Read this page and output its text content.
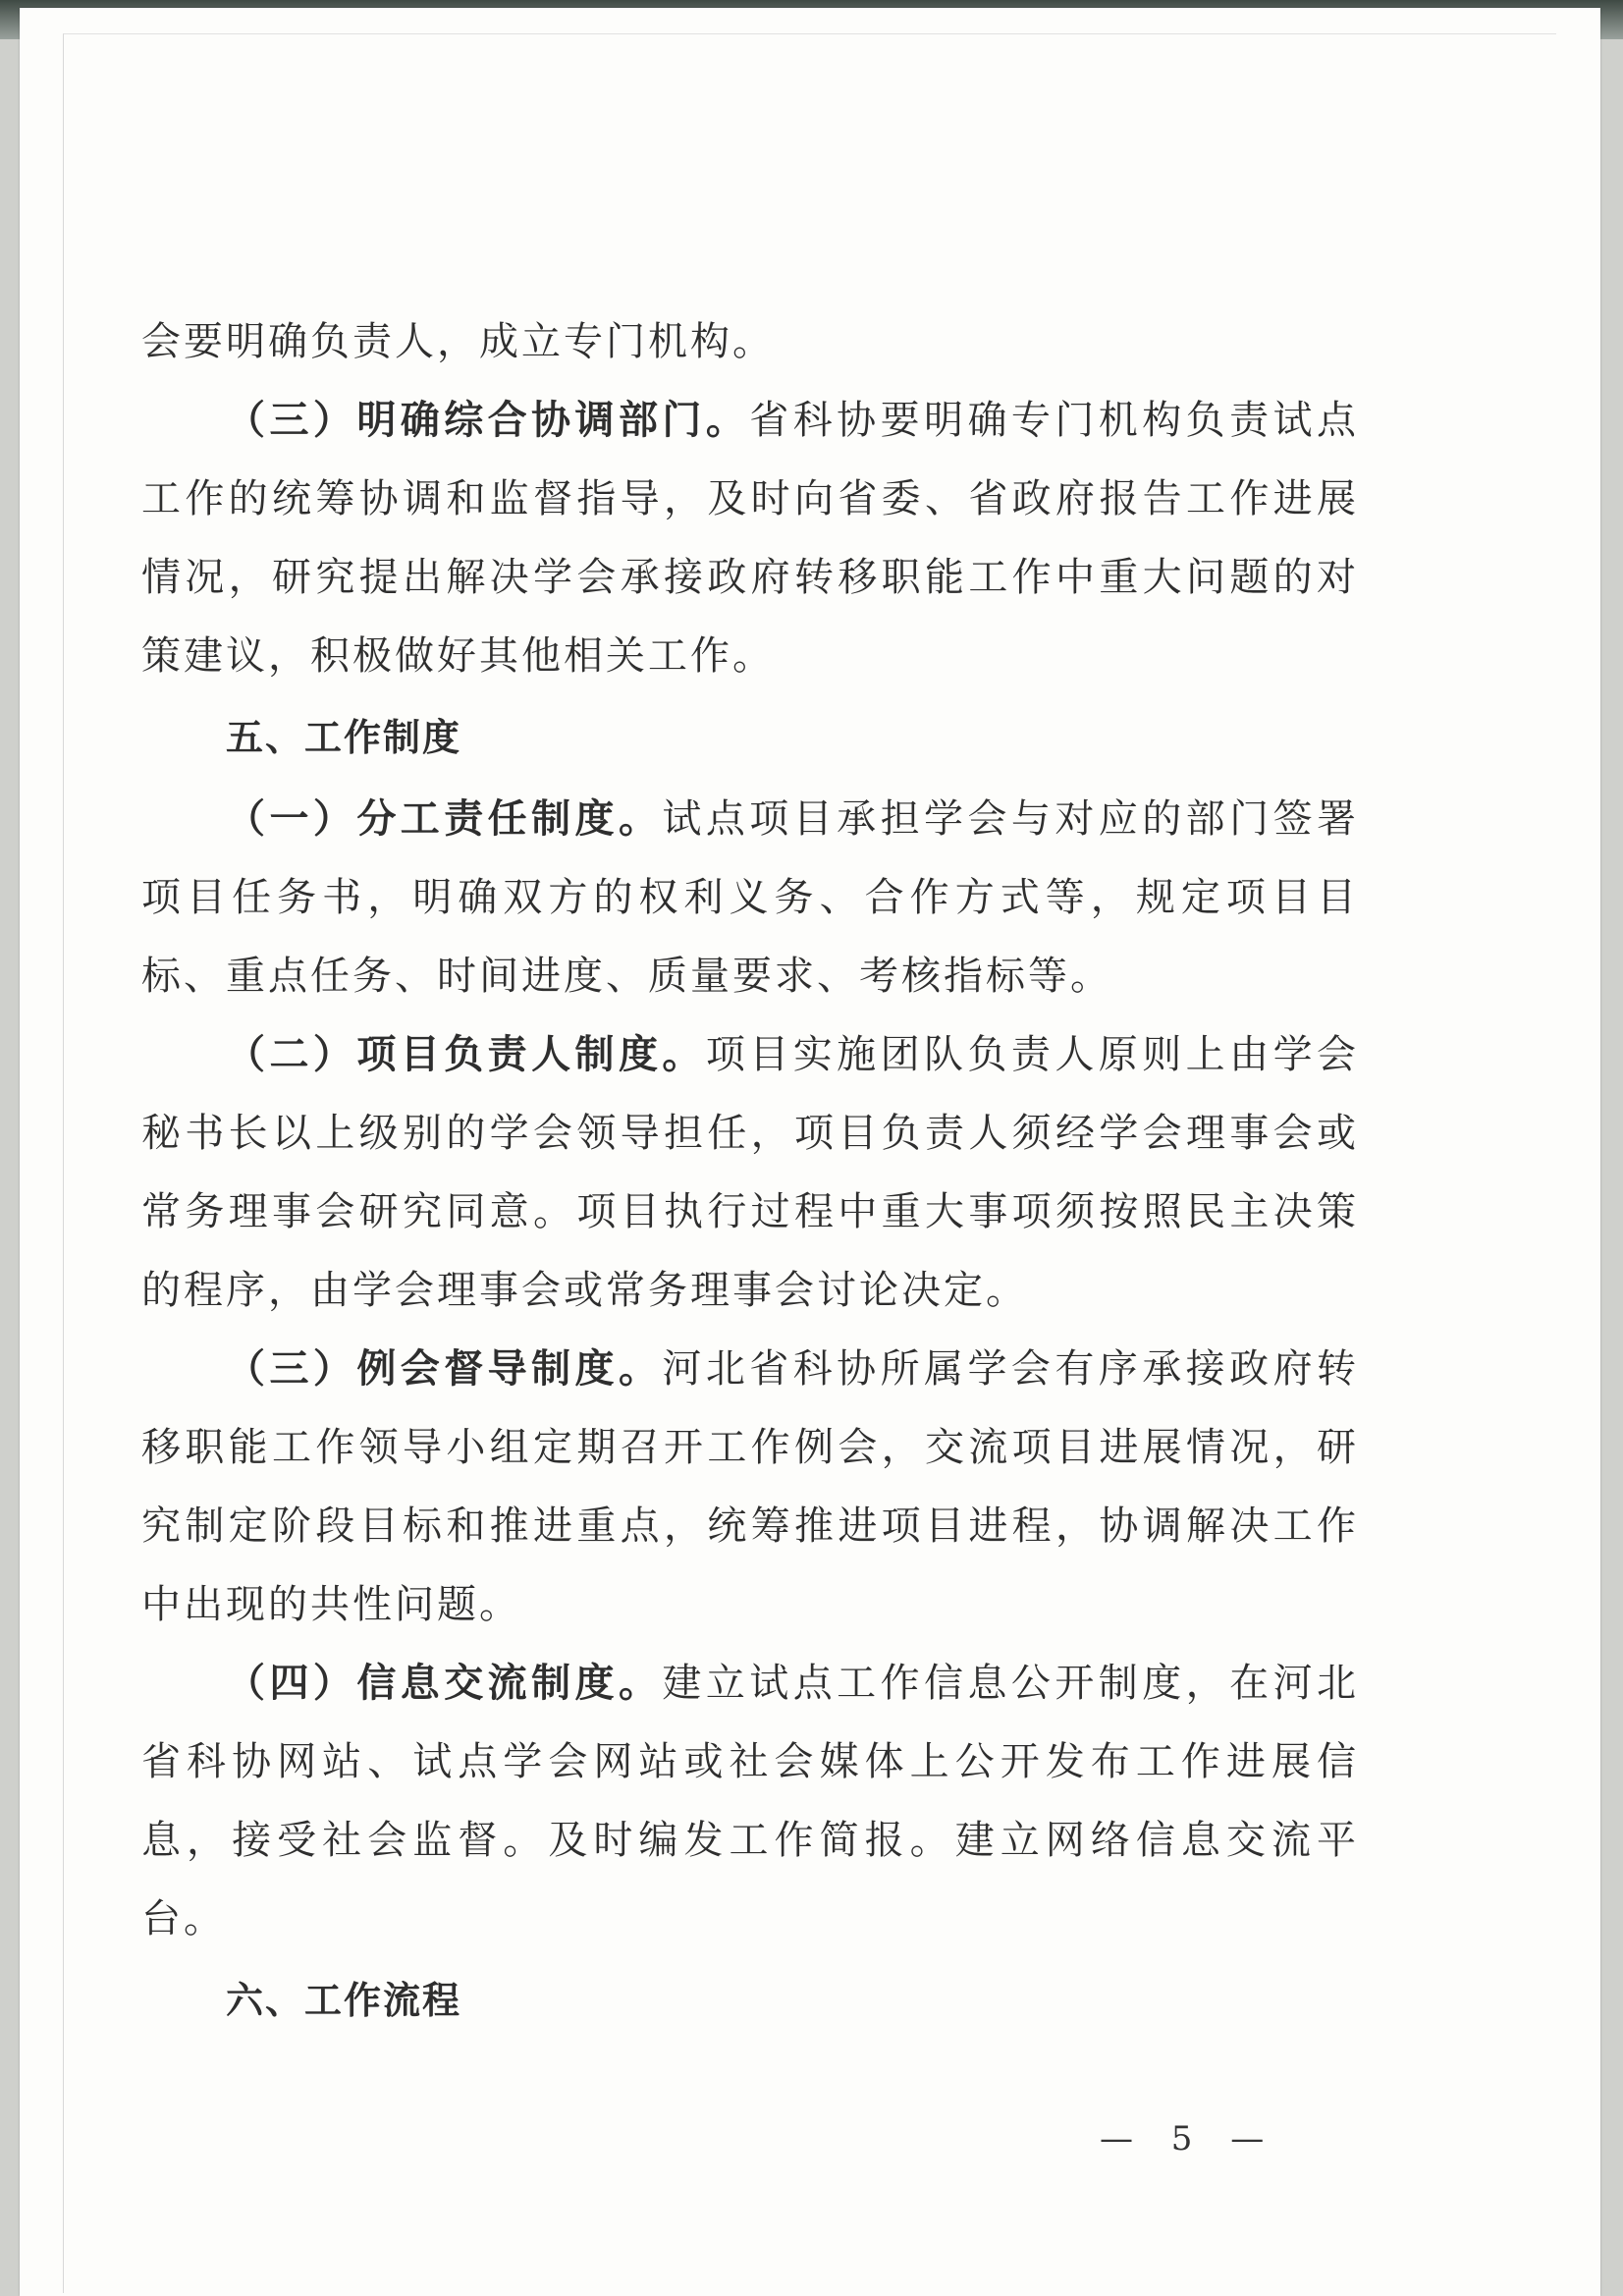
会要明确负责人，成立专门机构。

（三）明确综合协调部门。省科协要明确专门机构负责试点工作的统筹协调和监督指导，及时向省委、省政府报告工作进展情况，研究提出解决学会承接政府转移职能工作中重大问题的对策建议，积极做好其他相关工作。

五、工作制度

（一）分工责任制度。试点项目承担学会与对应的部门签署项目任务书，明确双方的权利义务、合作方式等，规定项目目标、重点任务、时间进度、质量要求、考核指标等。

（二）项目负责人制度。项目实施团队负责人原则上由学会秘书长以上级别的学会领导担任，项目负责人须经学会理事会或常务理事会研究同意。项目执行过程中重大事项须按照民主决策的程序，由学会理事会或常务理事会讨论决定。

（三）例会督导制度。河北省科协所属学会有序承接政府转移职能工作领导小组定期召开工作例会，交流项目进展情况，研究制定阶段目标和推进重点，统筹推进项目进程，协调解决工作中出现的共性问题。

（四）信息交流制度。建立试点工作信息公开制度，在河北省科协网站、试点学会网站或社会媒体上公开发布工作进展信息，接受社会监督。及时编发工作简报。建立网络信息交流平台。

六、工作流程
— 5 —
